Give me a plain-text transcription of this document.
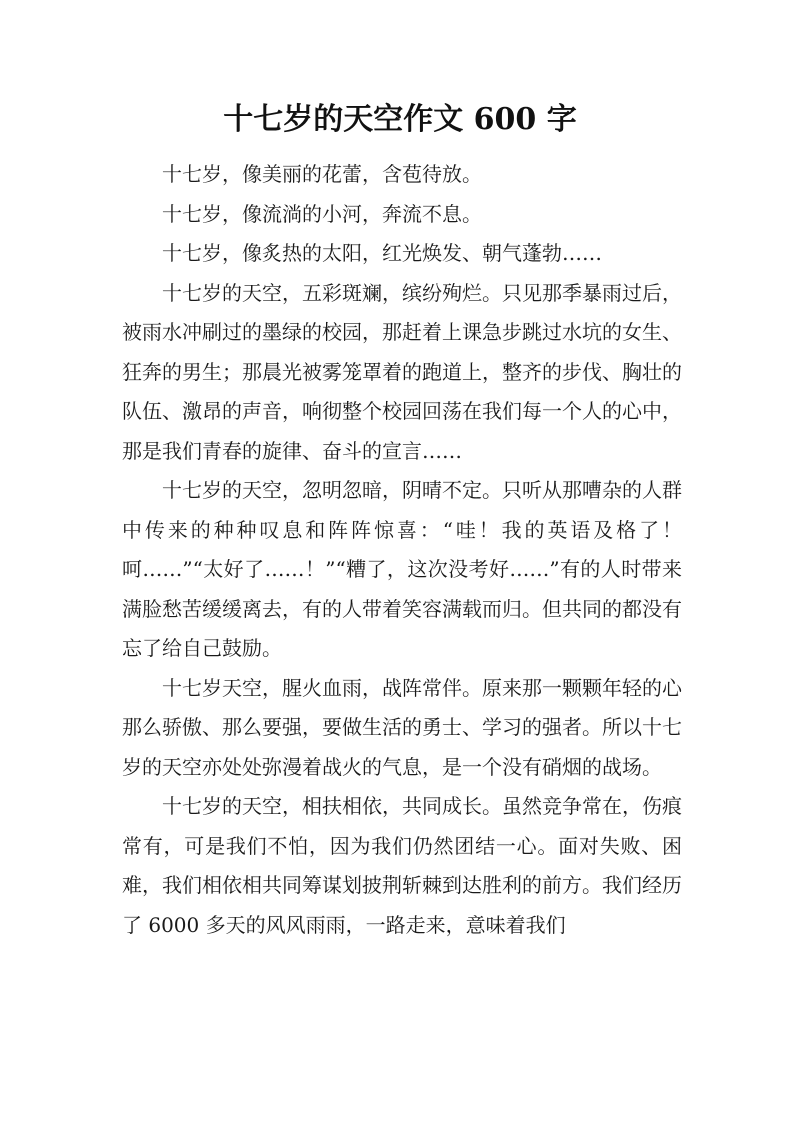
十七岁的天空作文 600 字

十七岁，像美丽的花蕾，含苞待放。

十七岁，像流淌的小河，奔流不息。

十七岁，像炙热的太阳，红光焕发、朝气蓬勃……

十七岁的天空，五彩斑斓，缤纷殉烂。只见那季暴雨过后，被雨水冲刷过的墨绿的校园，那赶着上课急步跳过水坑的女生、狂奔的男生；那晨光被雾笼罩着的跑道上，整齐的步伐、胸壮的队伍、激昂的声音，响彻整个校园回荡在我们每一个人的心中，那是我们青春的旋律、奋斗的宣言……

十七岁的天空，忽明忽暗，阴晴不定。只听从那嘈杂的人群中传来的种种叹息和阵阵惊喜：“哇！我的英语及格了！呵……”“太好了……！”“糟了，这次没考好……”有的人时带来满脸愁苦缓缓离去，有的人带着笑容满载而归。但共同的都没有忘了给自己鼓励。

十七岁天空，腥火血雨，战阵常伴。原来那一颗颗年轻的心那么骄傲、那么要强，要做生活的勇士、学习的强者。所以十七岁的天空亦处处弥漫着战火的气息，是一个没有硝烟的战场。

十七岁的天空，相扶相依，共同成长。虽然竞争常在，伤痕常有，可是我们不怕，因为我们仍然团结一心。面对失败、困难，我们相依相共同筹谋划披荆斩棘到达胜利的前方。我们经历了 6000 多天的风风雨雨，一路走来，意味着我们
